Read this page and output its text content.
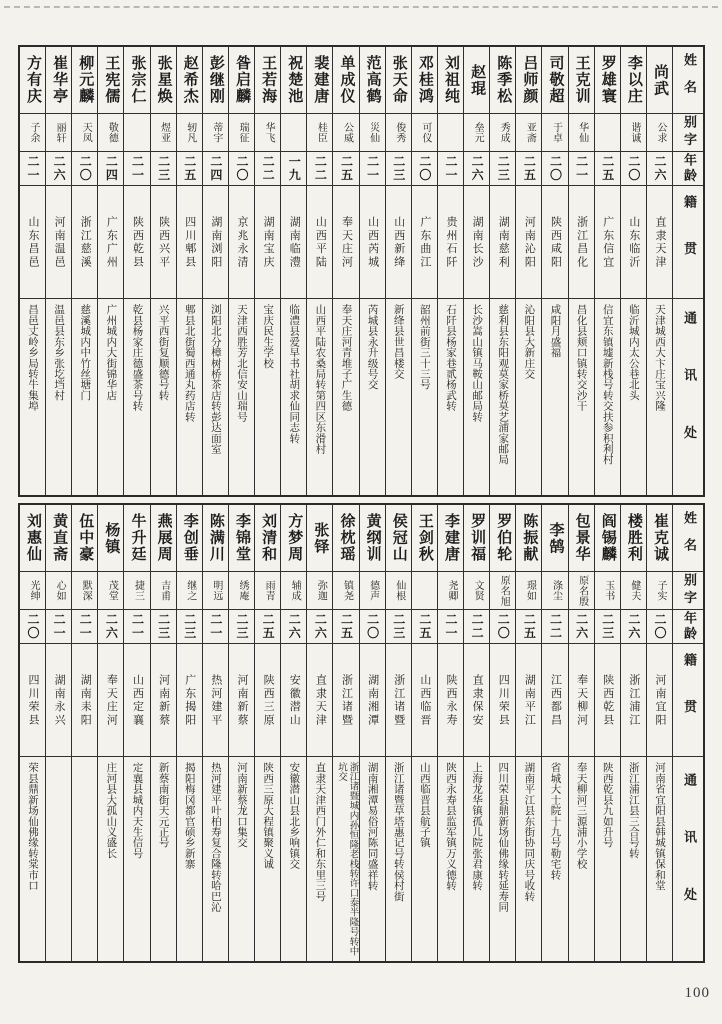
姓名
别字
年龄
籍贯
通讯处
尚武
公求
二六
直隶天津
天津城西大卞庄宝兴隆
李以庄
谐诚
二〇
山东临沂
临沂城内太公巷北头
罗雄寰
二五
广东信宜
信宜东镇墟新栈号转交扶参积利村
王克训
华仙
二一
浙江昌化
昌化县颊口镇转交沙干
司敬超
于卓
二〇
陕西咸阳
咸阳月盛福
吕师颜
亚斋
二五
河南沁阳
沁阳县大新庄交
陈季松
秀成
二三
湖南慈利
慈利县东阳观莫家桥莫艺浦家邮局
赵琨
垒元
二六
湖南长沙
长沙嵩山镇马鞍山邮局转
刘祖纯
二一
贵州石阡
石阡县杨家巷贰杨武转
邓桂鸿
可仪
二〇
广东曲江
韶州前街三十三号
张天命
俊秀
二三
山西新绛
新绛县世昌楼交
范高鹤
災仙
二一
山西芮城
芮城县永升级号交
单成仪
公威
二五
奉天庄河
奉天庄河青堆子广生德
裴建唐
桂臣
二二
山西平陆
山西平陆农桑局转第四区东滑村
祝楚池
一九
湖南临澧
临澧县爱早书社胡求仙同志转
王若海
华飞
二二
湖南宝庆
宝庆民生学校
昝启麟
瑞征
二〇
京兆永清
天津西胜芳北信安山瑞号
彭继刚
蒂宇
二四
湖南浏阳
浏阳北分樟树桥茶店转彭达面室
赵希杰
轫凡
二五
四川郫县
郫县北街蜀西通丸药店转
张星焕
煜亚
二三
陕西兴平
兴平西街复顺德号转
张宗仁
二一
陕西乾县
乾县杨家庄德盛茶号转
王宪儒
敬德
二四
广东广州
广州城内大街锦华店
柳元麟
天凤
二〇
浙江慈溪
慈溪城内中竹丝塘门
崔华亭
丽轩
二六
河南温邑
温邑县东乡张圪垱村
方有庆
子余
二一
山东昌邑
昌邑丈岭乡局转牛集埠
姓名
别字
年龄
籍贯
通讯处
崔克诚
子实
二〇
河南宜阳
河南省宜阳县韩城镇保和堂
楼胜利
健夫
二六
浙江浦江
浙江浦江县三合号转
阎锡麟
玉书
二三
陕西乾县
陕西乾县九如升号
包景华
原名殷
二六
奉天柳河
奉天柳河三源浦小学校
李鹄
涤尘
二二
江西都昌
省城大士院十九号勒宅转
陈振献
璟如
二五
湖南平江
湖南平江县东街协同庆号收转
罗伯轮
原名旭
二〇
四川荣县
四川荣县鼎新场仙佛缘转延寿同
罗训福
文贤
二二
直隶保安
上海龙华镇孤儿院张君康转
李建唐
尧卿
二一
陕西永寿
陕西永寿县监军镇万义德转
王剑秋
二五
山西临晋
山西临晋县航子镇
侯冠山
仙根
二三
浙江诸暨
浙江诸暨草塔惠记号转侯村街
黄纲训
德声
二〇
湖南湘潭
湖南湘潭易俗河陈同盛祥转
徐枕瑶
镇尧
二五
浙江诸暨
浙江诸暨城内孙恒隆老栈转许口泰半隆号转中坑交
张铎
弥迦
二六
直隶天津
直隶天津西门外仁和东里三号
方梦周
辅成
二六
安徽潜山
安徽潜山县北乡响镇交
刘清和
雨青
二五
陕西三原
陕西三原大程镇聚义诚
李锦堂
绣庵
二三
河南新蔡
河南新蔡龙口集交
陈满川
明远
二一
热河建平
热河建平叶柏寿复合隆转哈巴沁
李创垂
继之
二三
广东揭阳
揭阳梅冈都官硕乡新寨
燕展周
吉甫
二三
河南新蔡
新蔡南街天元正号
牛升廷
捷三
二一
山西定襄
定襄县城内天生信号
杨镇
茂堂
二六
奉天庄河
庄河县大孤山义盛长
伍中豪
默深
二一
湖南耒阳
黄直斋
心如
二一
湖南永兴
刘惠仙
光绅
二〇
四川荣县
荣县鼎新场仙佛缘转棠市口
100
